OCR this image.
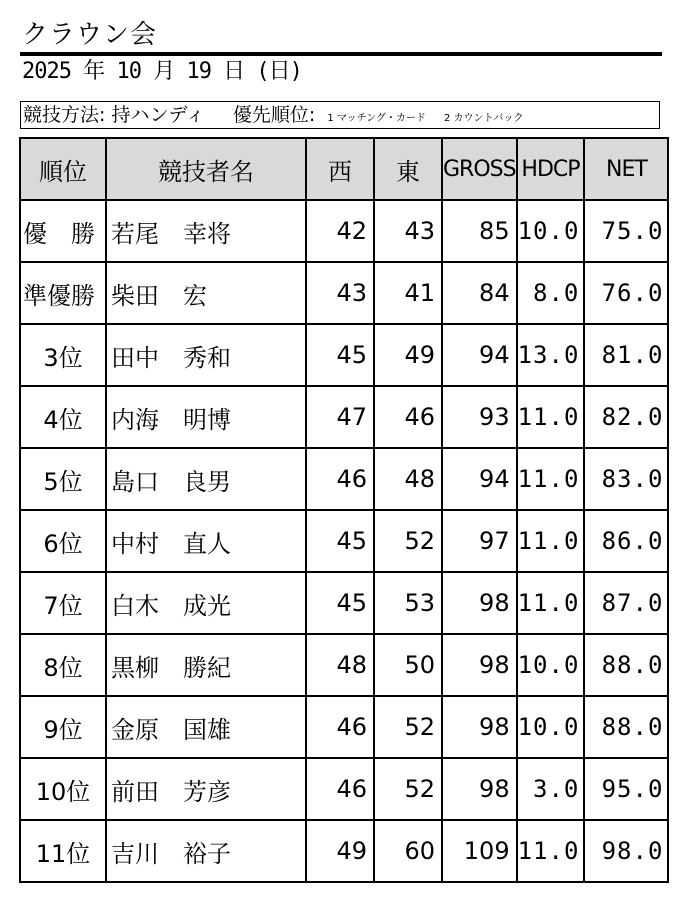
クラウン会
2025 年 10 月 19 日 (日)
競技方法: 持ハンディ 優先順位: 1 マッチング・カード 2 カウントバック
順位	競技者名	西	東	GROSS	HDCP	NET
優　勝	若尾　幸将	42	43	85	10.0	75.0
準優勝	柴田　宏	43	41	84	8.0	76.0
3位	田中　秀和	45	49	94	13.0	81.0
4位	内海　明博	47	46	93	11.0	82.0
5位	島口　良男	46	48	94	11.0	83.0
6位	中村　直人	45	52	97	11.0	86.0
7位	白木　成光	45	53	98	11.0	87.0
8位	黒柳　勝紀	48	50	98	10.0	88.0
9位	金原　国雄	46	52	98	10.0	88.0
10位	前田　芳彦	46	52	98	3.0	95.0
11位	吉川　裕子	49	60	109	11.0	98.0
